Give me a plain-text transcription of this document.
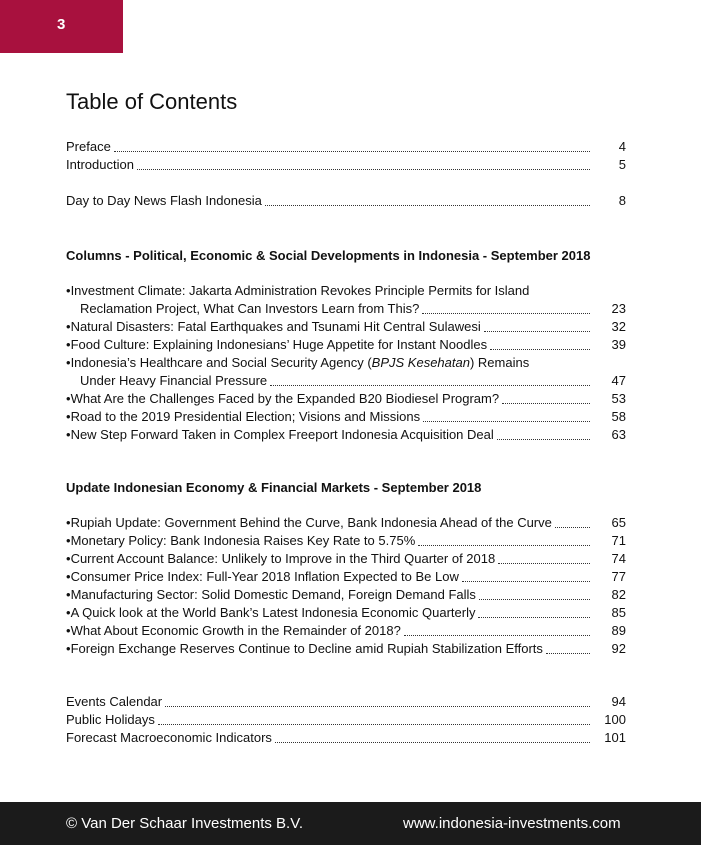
3
Table of Contents
Preface	4
Introduction	5
Day to Day News Flash Indonesia	8
Columns - Political, Economic & Social Developments in Indonesia - September 2018
• Investment Climate: Jakarta Administration Revokes Principle Permits for Island
Reclamation Project, What Can Investors Learn from This?	23
• Natural Disasters: Fatal Earthquakes and Tsunami Hit Central Sulawesi	32
• Food Culture: Explaining Indonesians’ Huge Appetite for Instant Noodles	39
• Indonesia’s Healthcare and Social Security Agency (BPJS Kesehatan) Remains
Under Heavy Financial Pressure	47
• What Are the Challenges Faced by the Expanded B20 Biodiesel Program?	53
• Road to the 2019 Presidential Election; Visions and Missions	58
• New Step Forward Taken in Complex Freeport Indonesia Acquisition Deal	63
Update Indonesian Economy & Financial Markets - September 2018
• Rupiah Update: Government Behind the Curve, Bank Indonesia Ahead of the Curve	65
• Monetary Policy: Bank Indonesia Raises Key Rate to 5.75%	71
• Current Account Balance: Unlikely to Improve in the Third Quarter of 2018	74
• Consumer Price Index: Full-Year 2018 Inflation Expected to Be Low	77
• Manufacturing Sector: Solid Domestic Demand, Foreign Demand Falls	82
• A Quick look at the World Bank’s Latest Indonesia Economic Quarterly	85
• What About Economic Growth in the Remainder of 2018?	89
• Foreign Exchange Reserves Continue to Decline amid Rupiah Stabilization Efforts	92
Events Calendar	94
Public Holidays	100
Forecast Macroeconomic Indicators	101
© Van Der Schaar Investments B.V.	www.indonesia-investments.com
